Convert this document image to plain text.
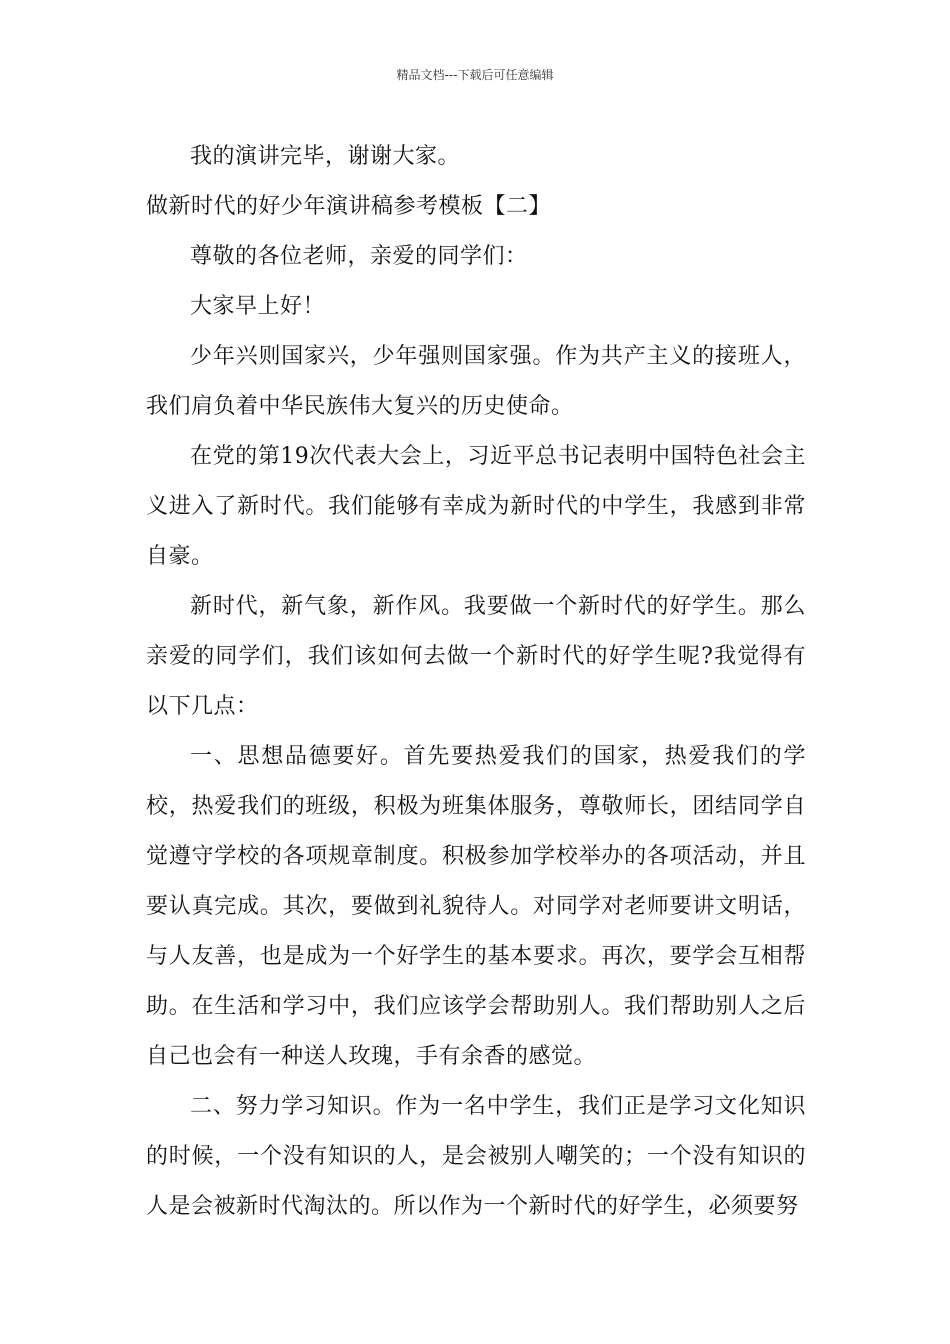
精品文档---下载后可任意编辑

我的演讲完毕，谢谢大家。

做新时代的好少年演讲稿参考模板【二】

尊敬的各位老师，亲爱的同学们：

大家早上好！

少年兴则国家兴，少年强则国家强。作为共产主义的接班人，我们肩负着中华民族伟大复兴的历史使命。

在党的第19次代表大会上，习近平总书记表明中国特色社会主义进入了新时代。我们能够有幸成为新时代的中学生，我感到非常自豪。

新时代，新气象，新作风。我要做一个新时代的好学生。那么亲爱的同学们，我们该如何去做一个新时代的好学生呢?我觉得有以下几点：

一、思想品德要好。首先要热爱我们的国家，热爱我们的学校，热爱我们的班级，积极为班集体服务，尊敬师长，团结同学自觉遵守学校的各项规章制度。积极参加学校举办的各项活动，并且要认真完成。其次，要做到礼貌待人。对同学对老师要讲文明话，与人友善，也是成为一个好学生的基本要求。再次，要学会互相帮助。在生活和学习中，我们应该学会帮助别人。我们帮助别人之后自己也会有一种送人玫瑰，手有余香的感觉。

二、努力学习知识。作为一名中学生，我们正是学习文化知识的时候，一个没有知识的人，是会被别人嘲笑的；一个没有知识的人是会被新时代淘汰的。所以作为一个新时代的好学生，必须要努
